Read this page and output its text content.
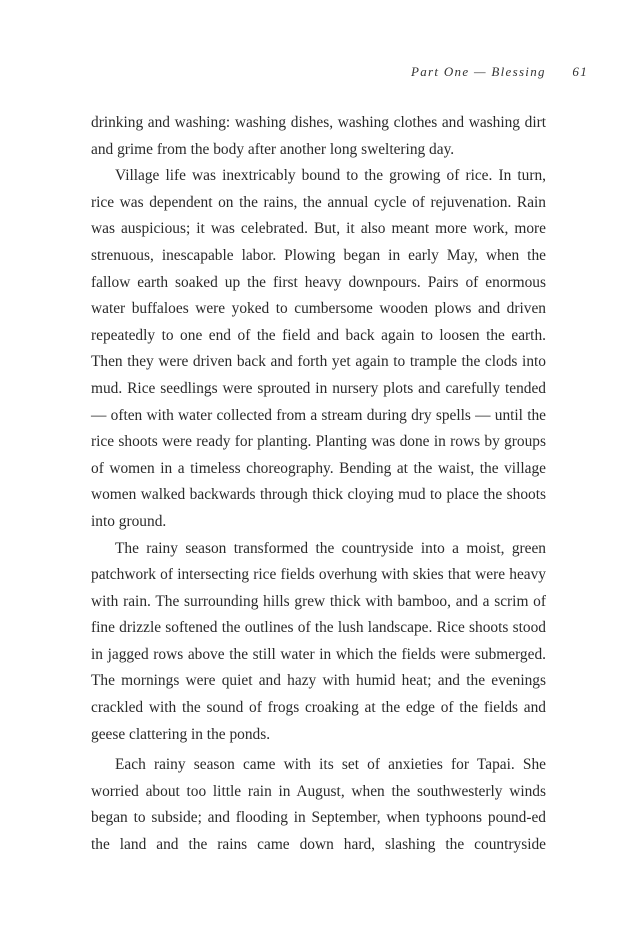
Part One — Blessing 61

drinking and washing: washing dishes, washing clothes and washing dirt and grime from the body after another long sweltering day.

Village life was inextricably bound to the growing of rice. In turn, rice was dependent on the rains, the annual cycle of rejuvenation. Rain was auspicious; it was celebrated. But, it also meant more work, more strenuous, inescapable labor. Plowing began in early May, when the fallow earth soaked up the first heavy downpours. Pairs of enormous water buffaloes were yoked to cumbersome wooden plows and driven repeatedly to one end of the field and back again to loosen the earth. Then they were driven back and forth yet again to trample the clods into mud. Rice seedlings were sprouted in nursery plots and carefully tended — often with water collected from a stream during dry spells — until the rice shoots were ready for planting. Planting was done in rows by groups of women in a timeless choreography. Bending at the waist, the village women walked backwards through thick cloying mud to place the shoots into ground.

The rainy season transformed the countryside into a moist, green patchwork of intersecting rice fields overhung with skies that were heavy with rain. The surrounding hills grew thick with bamboo, and a scrim of fine drizzle softened the outlines of the lush landscape. Rice shoots stood in jagged rows above the still water in which the fields were submerged. The mornings were quiet and hazy with humid heat; and the evenings crackled with the sound of frogs croaking at the edge of the fields and geese clattering in the ponds.

Each rainy season came with its set of anxieties for Tapai. She worried about too little rain in August, when the southwesterly winds began to subside; and flooding in September, when typhoons pound-ed the land and the rains came down hard, slashing the countryside
